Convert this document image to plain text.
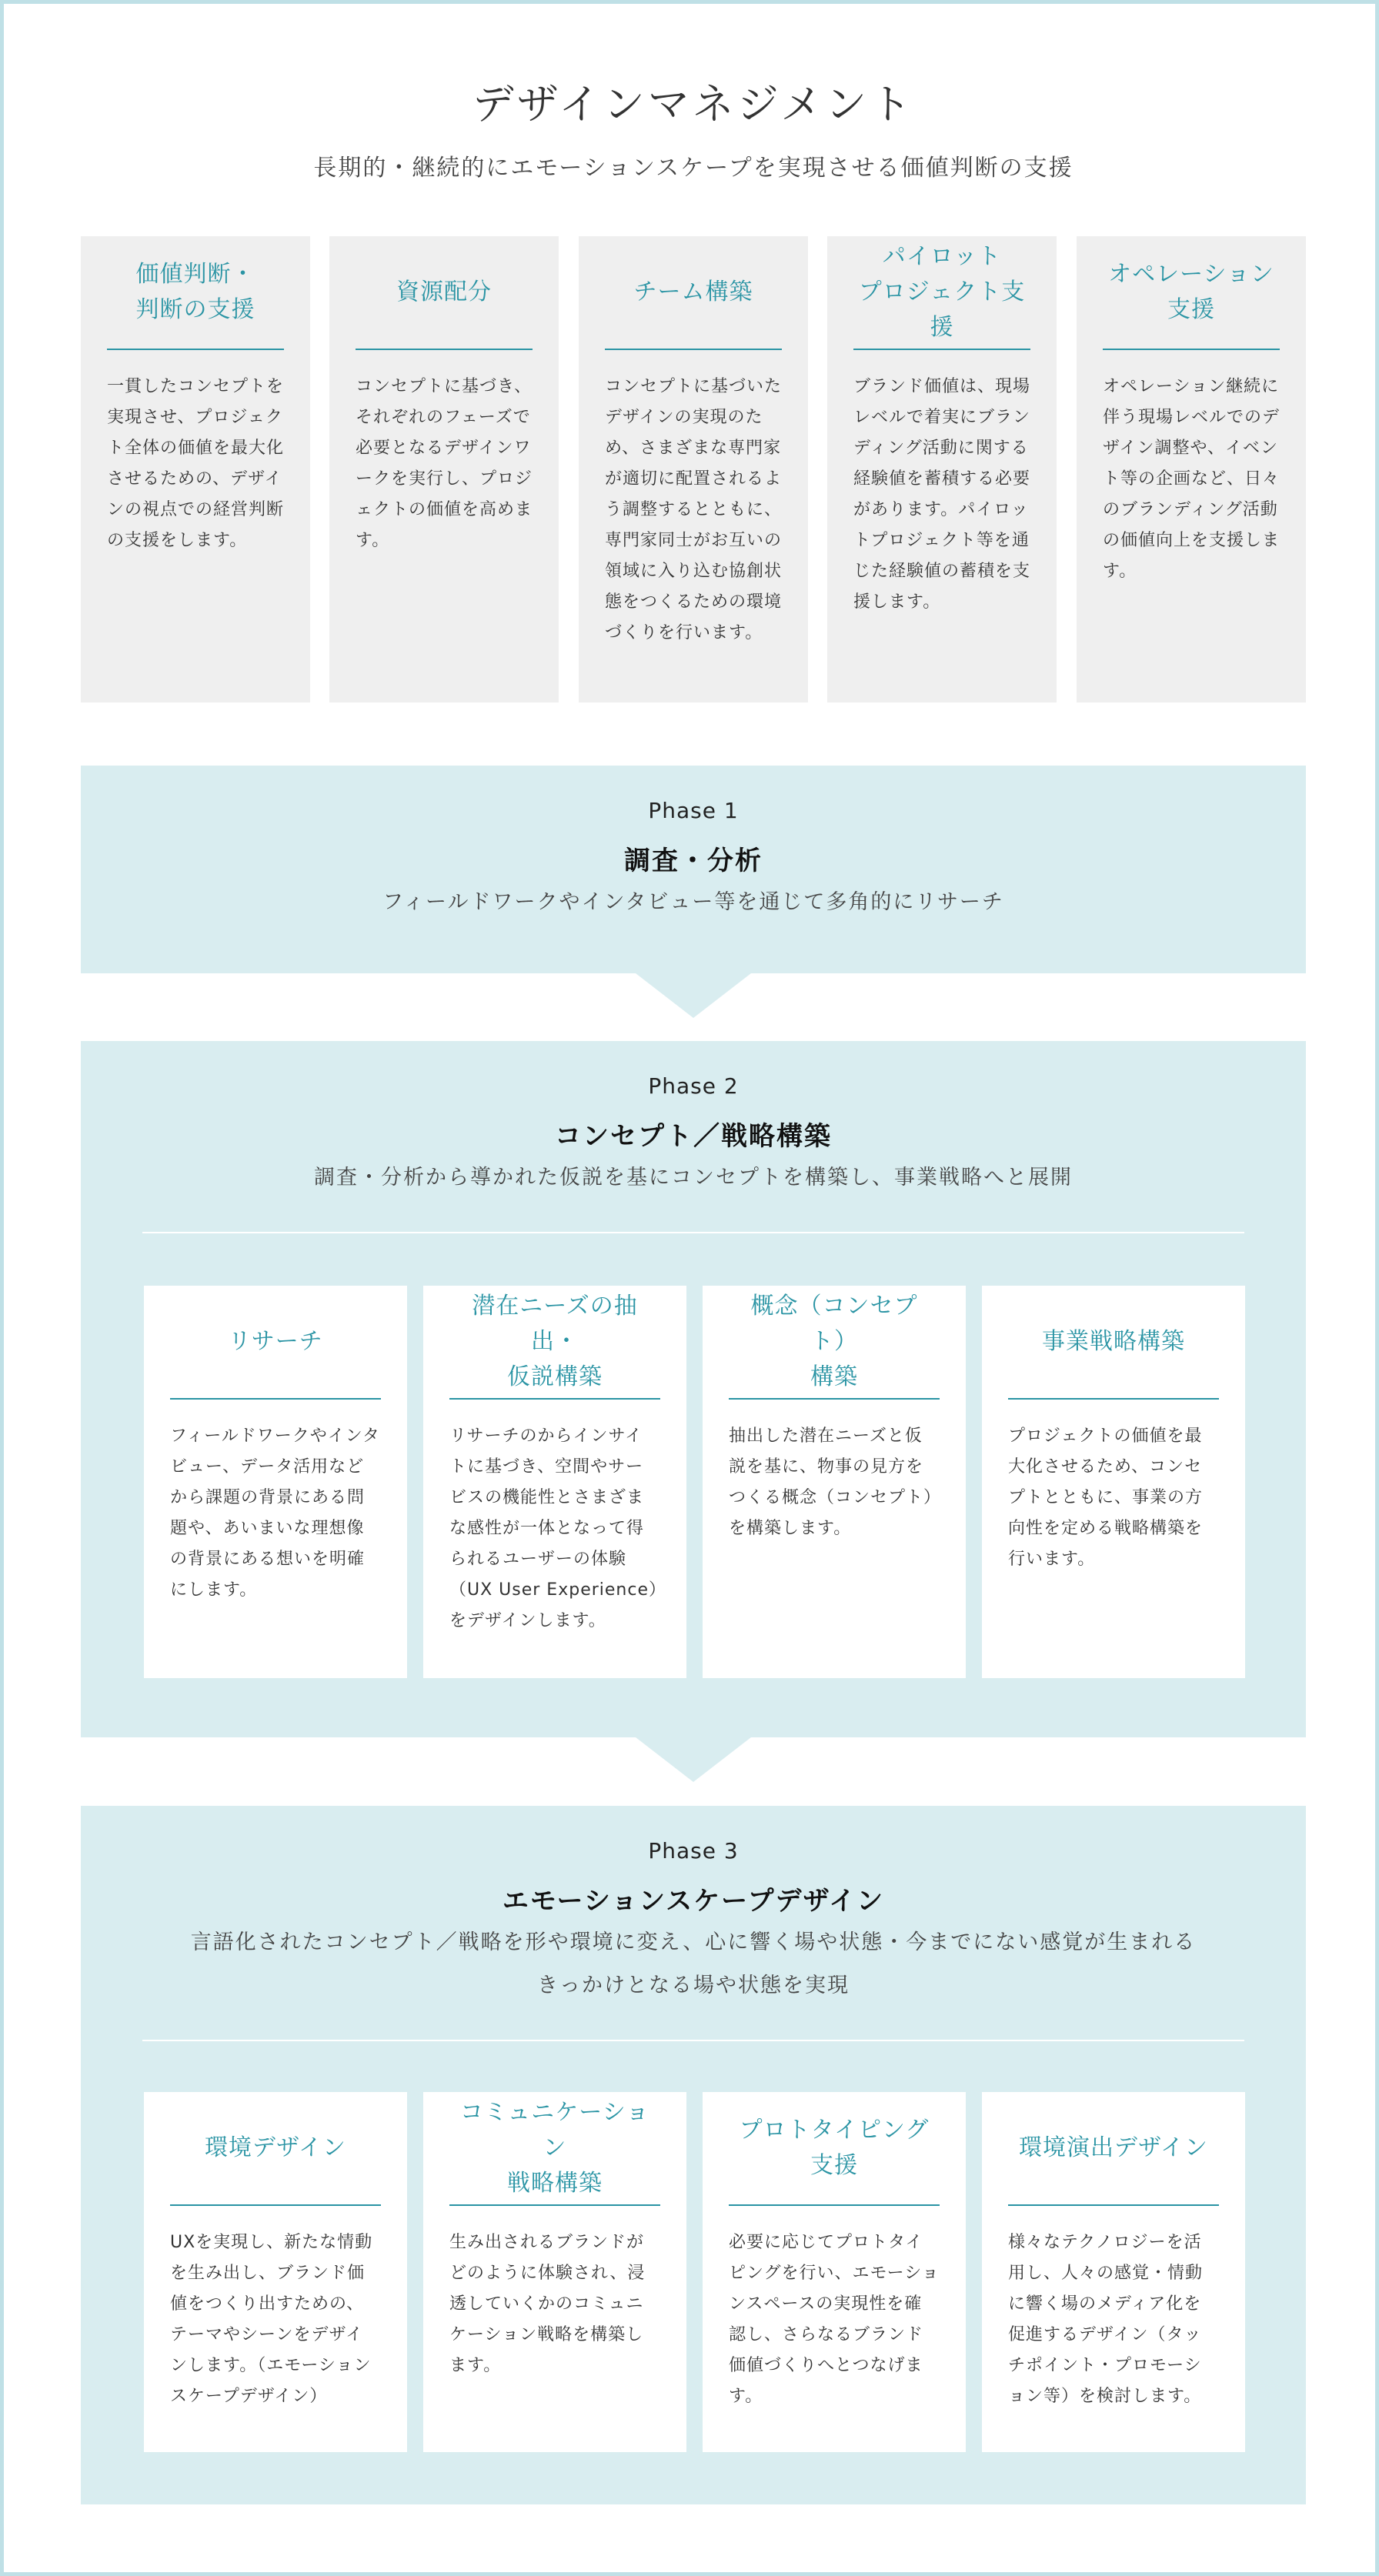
デザインマネジメント
長期的・継続的にエモーションスケープを実現させる価値判断の支援
価値判断・
判断の支援
一貫したコンセプトを実現させ、プロジェクト全体の価値を最大化させるための、デザインの視点での経営判断の支援をします。
資源配分
コンセプトに基づき、それぞれのフェーズで必要となるデザインワークを実行し、プロジェクトの価値を高めます。
チーム構築
コンセプトに基づいたデザインの実現のため、さまざまな専門家が適切に配置されるよう調整するとともに、専門家同士がお互いの領域に入り込む協創状態をつくるための環境づくりを行います。
パイロット
プロジェクト支援
ブランド価値は、現場レベルで着実にブランディング活動に関する経験値を蓄積する必要があります。パイロットプロジェクト等を通じた経験値の蓄積を支援します。
オペレーション
支援
オペレーション継続に伴う現場レベルでのデザイン調整や、イベント等の企画など、日々のブランディング活動の価値向上を支援します。
Phase 1
調査・分析
フィールドワークやインタビュー等を通じて多角的にリサーチ
Phase 2
コンセプト／戦略構築
調査・分析から導かれた仮説を基にコンセプトを構築し、事業戦略へと展開
リサーチ
フィールドワークやインタビュー、データ活用などから課題の背景にある問題や、あいまいな理想像の背景にある想いを明確にします。
潜在ニーズの抽出・
仮説構築
リサーチのからインサイトに基づき、空間やサービスの機能性とさまざまな感性が一体となって得られるユーザーの体験（UX User Experience）をデザインします。
概念（コンセプト）
構築
抽出した潜在ニーズと仮説を基に、物事の見方をつくる概念（コンセプト）を構築します。
事業戦略構築
プロジェクトの価値を最大化させるため、コンセプトとともに、事業の方向性を定める戦略構築を行います。
Phase 3
エモーションスケープデザイン
言語化されたコンセプト／戦略を形や環境に変え、心に響く場や状態・今までにない感覚が生まれる
きっかけとなる場や状態を実現
環境デザイン
UXを実現し、新たな情動を生み出し、ブランド価値をつくり出すための、テーマやシーンをデザインします。（エモーションスケープデザイン）
コミュニケーション
戦略構築
生み出されるブランドがどのように体験され、浸透していくかのコミュニケーション戦略を構築します。
プロトタイピング
支援
必要に応じてプロトタイピングを行い、エモーションスペースの実現性を確認し、さらなるブランド価値づくりへとつなげます。
環境演出デザイン
様々なテクノロジーを活用し、人々の感覚・情動に響く場のメディア化を促進するデザイン（タッチポイント・プロモーション等）を検討します。
